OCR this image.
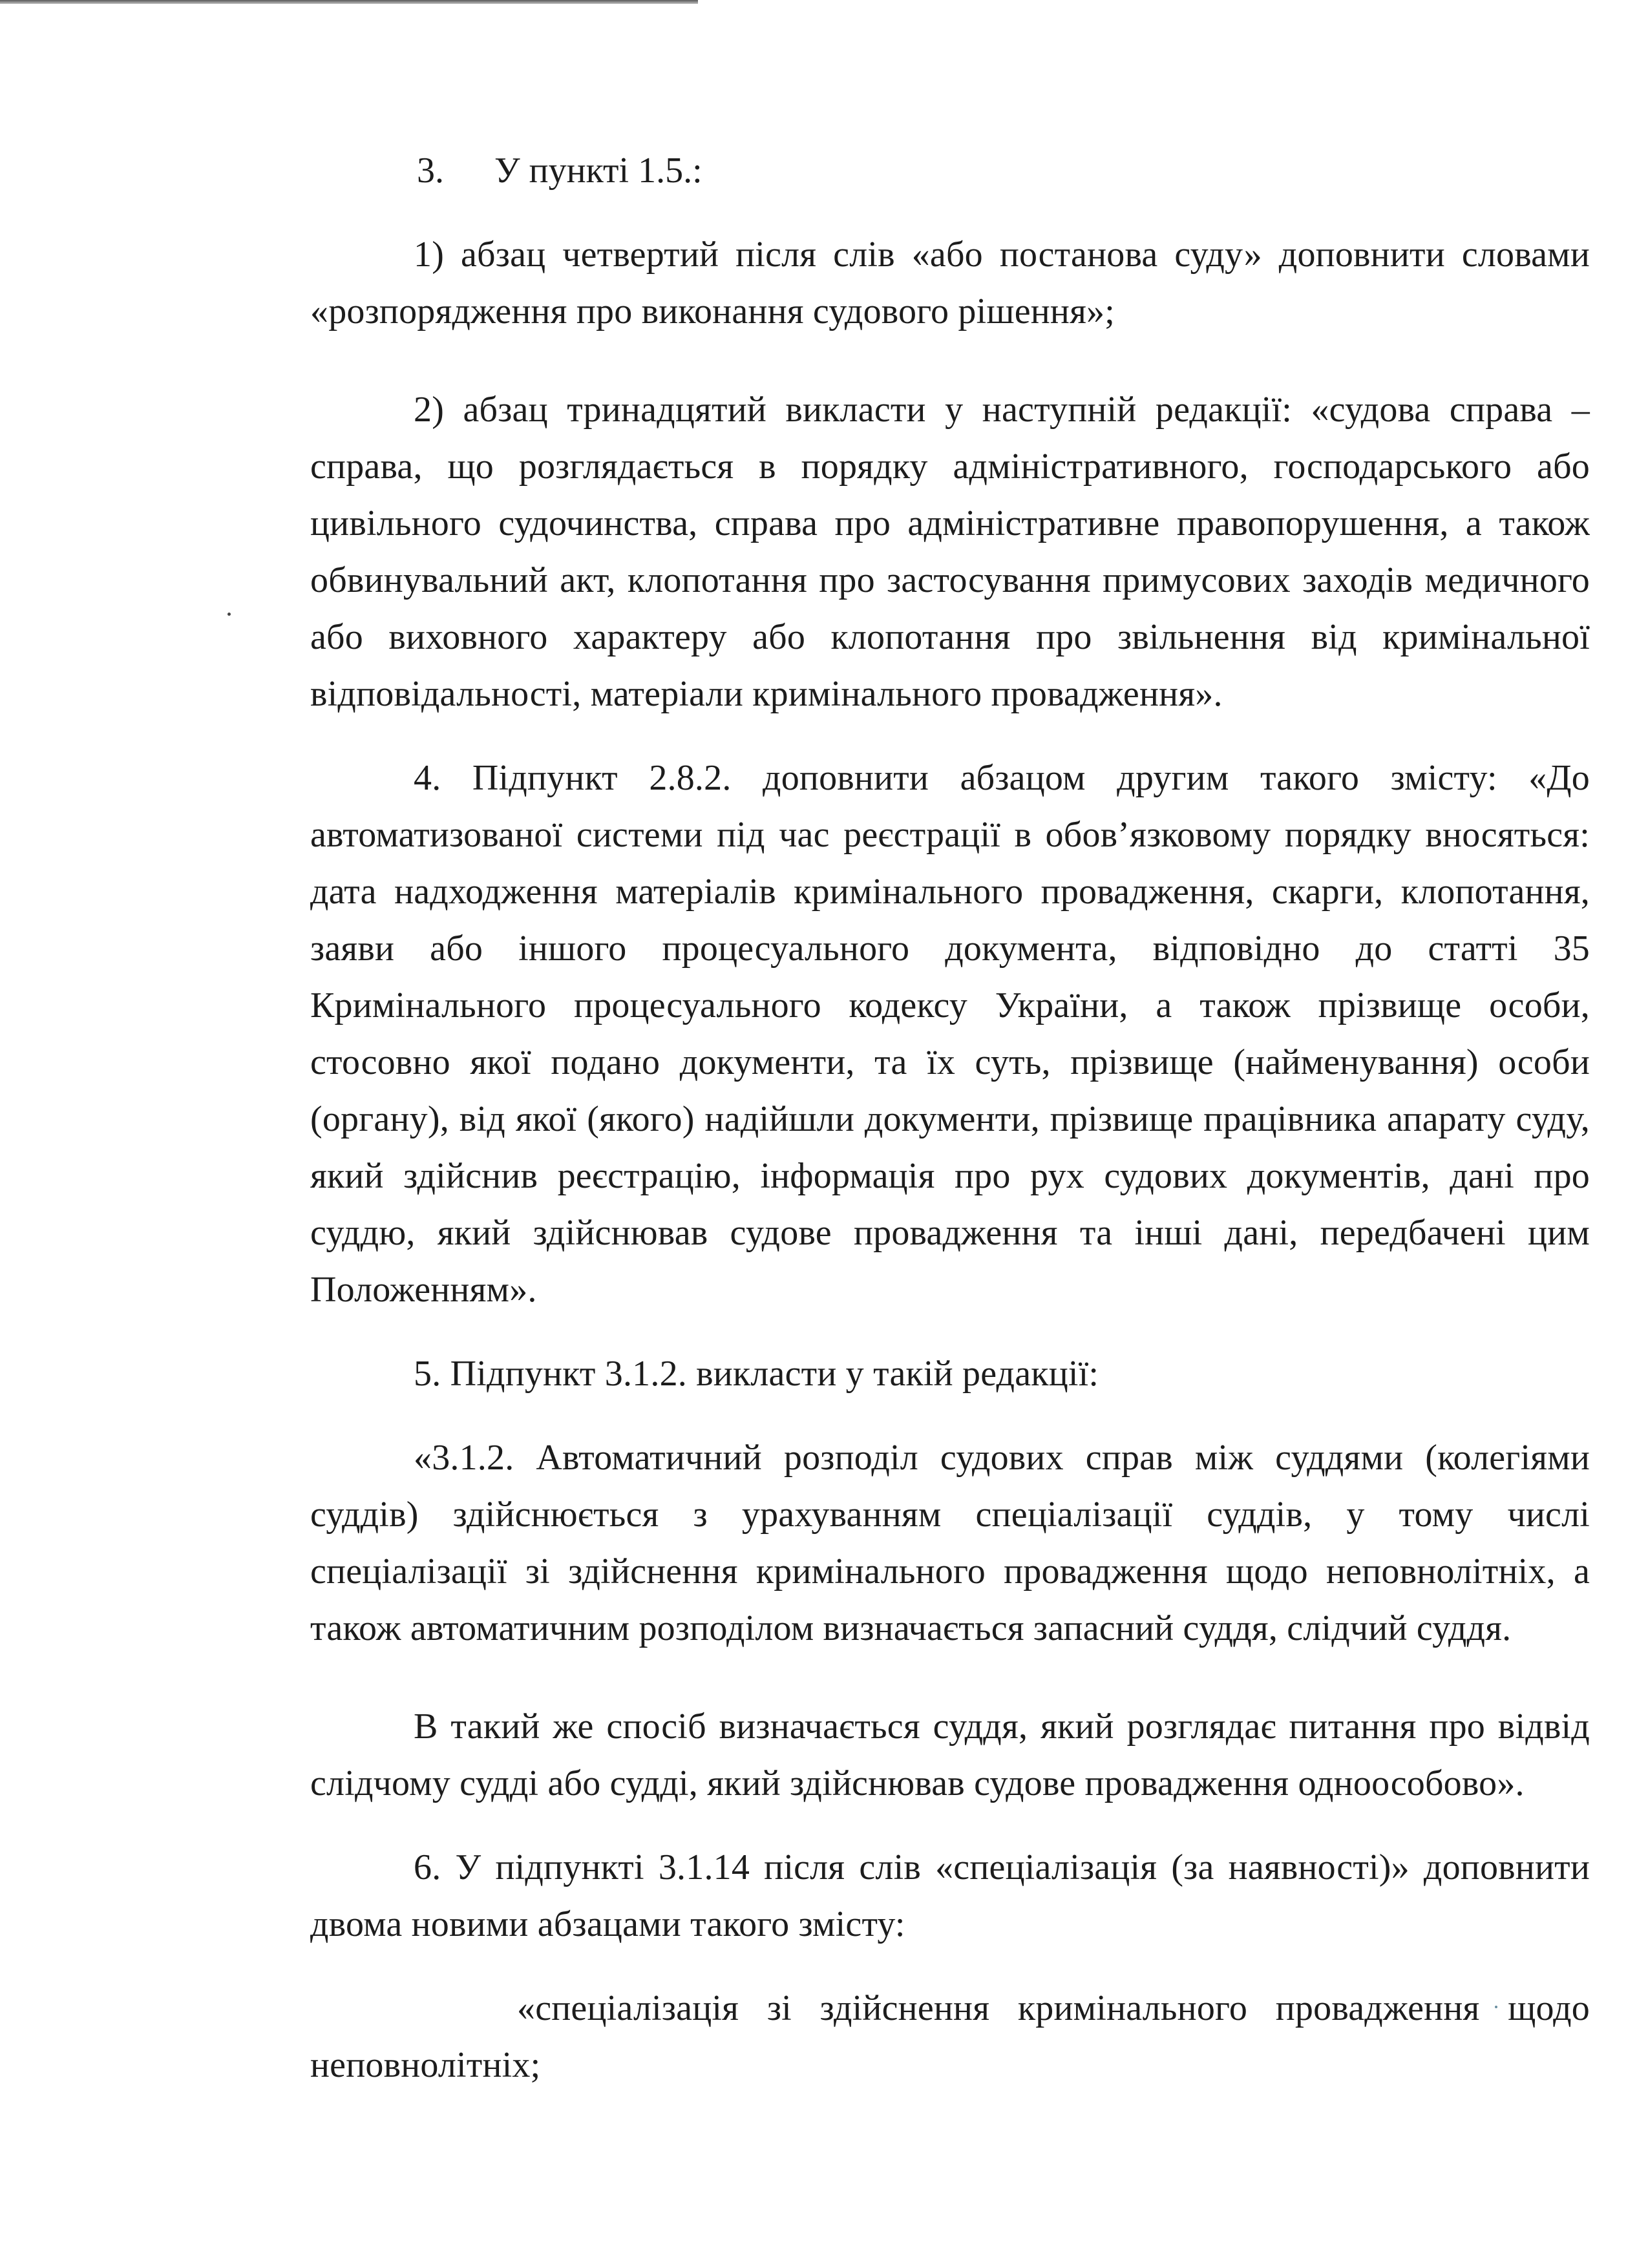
3. У пункті 1.5.:

1) абзац четвертий після слів «або постанова суду» доповнити словами «розпорядження про виконання судового рішення»;

2) абзац тринадцятий викласти у наступній редакції: «судова справа – справа, що розглядається в порядку адміністративного, господарського або цивільного судочинства, справа про адміністративне правопорушення, а також обвинувальний акт, клопотання про застосування примусових заходів медичного або виховного характеру або клопотання про звільнення від кримінальної відповідальності, матеріали кримінального провадження».

4. Підпункт 2.8.2. доповнити абзацом другим такого змісту: «До автоматизованої системи під час реєстрації в обов’язковому порядку вносяться: дата надходження матеріалів кримінального провадження, скарги, клопотання, заяви або іншого процесуального документа, відповідно до статті 35 Кримінального процесуального кодексу України, а також прізвище особи, стосовно якої подано документи, та їх суть, прізвище (найменування) особи (органу), від якої (якого) надійшли документи, прізвище працівника апарату суду, який здійснив реєстрацію, інформація про рух судових документів, дані про суддю, який здійснював судове провадження та інші дані, передбачені цим Положенням».

5. Підпункт 3.1.2. викласти у такій редакції:

«3.1.2. Автоматичний розподіл судових справ між суддями (колегіями суддів) здійснюється з урахуванням спеціалізації суддів, у тому числі спеціалізації зі здійснення кримінального провадження щодо неповнолітніх, а також автоматичним розподілом визначається запасний суддя, слідчий суддя.

В такий же спосіб визначається суддя, який розглядає питання про відвід слідчому судді або судді, який здійснював судове провадження одноособово».

6. У підпункті 3.1.14 після слів «спеціалізація (за наявності)» доповнити двома новими абзацами такого змісту:

«спеціалізація зі здійснення кримінального провадження щодо неповнолітніх;
